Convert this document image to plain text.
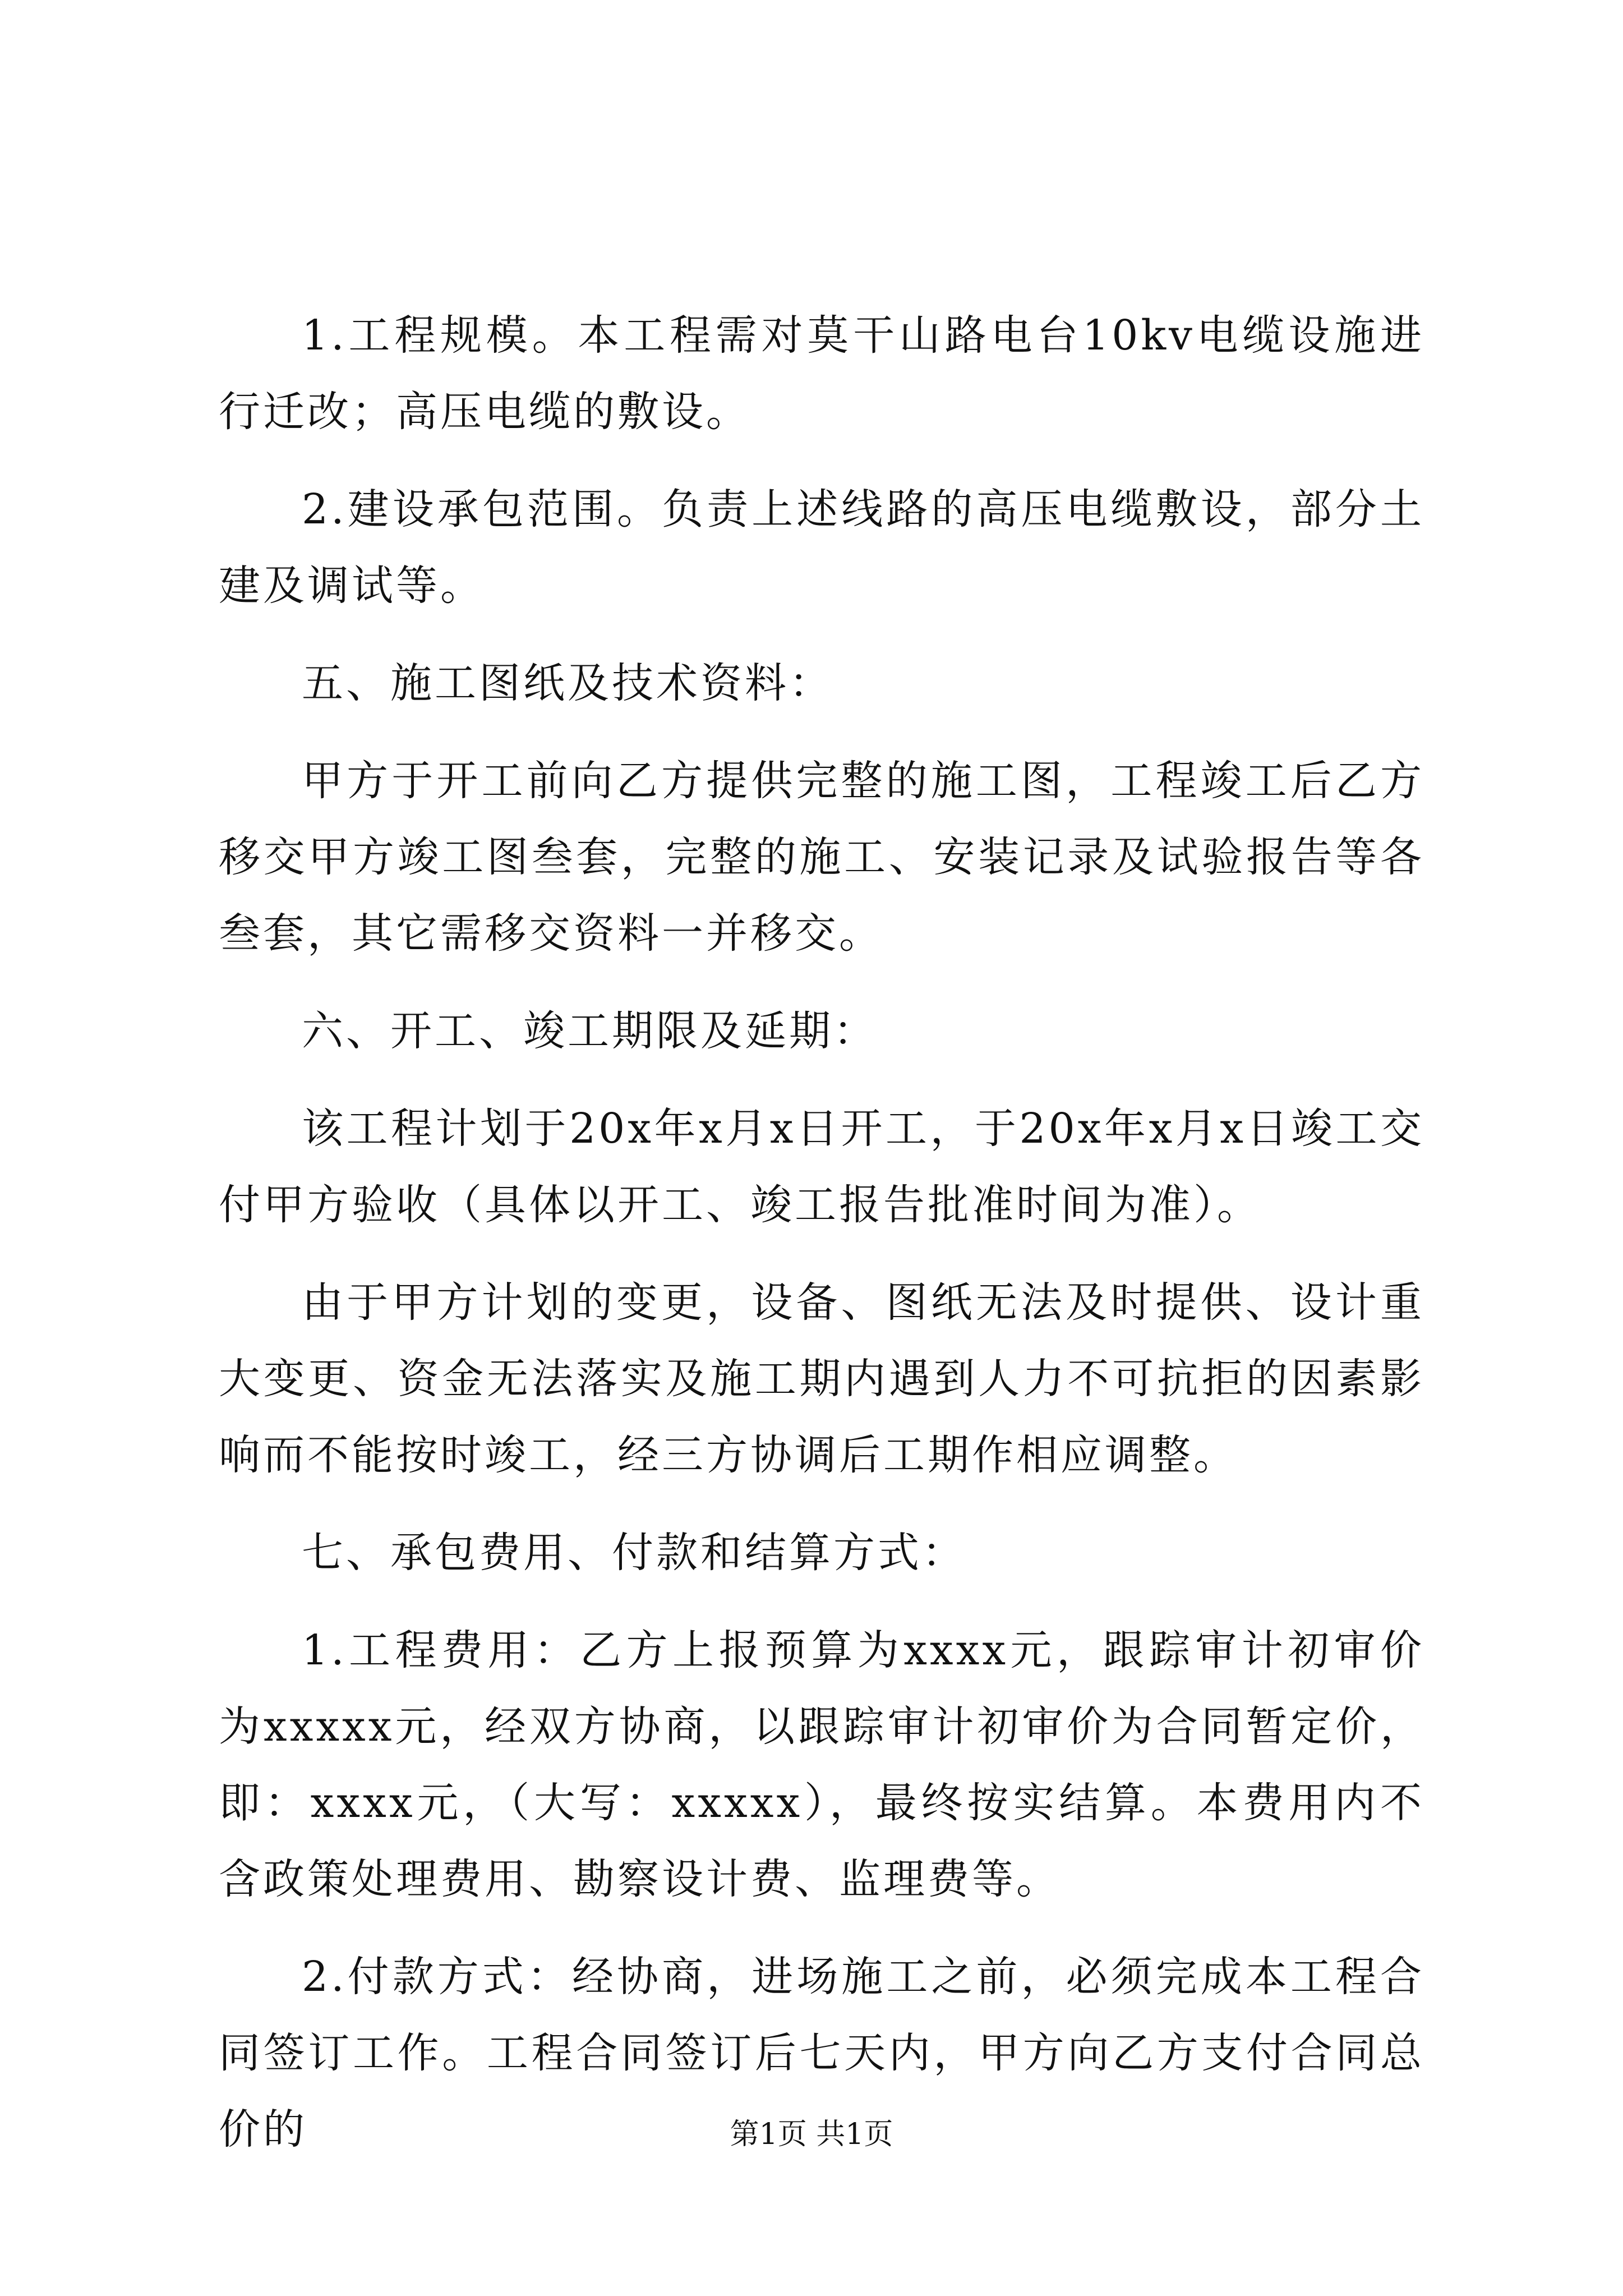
1.工程规模。本工程需对莫干山路电台10kv电缆设施进行迁改；高压电缆的敷设。

2.建设承包范围。负责上述线路的高压电缆敷设，部分土建及调试等。

五、施工图纸及技术资料：

甲方于开工前向乙方提供完整的施工图，工程竣工后乙方移交甲方竣工图叁套，完整的施工、安装记录及试验报告等各叁套，其它需移交资料一并移交。

六、开工、竣工期限及延期：

该工程计划于20x年x月x日开工，于20x年x月x日竣工交付甲方验收（具体以开工、竣工报告批准时间为准）。

由于甲方计划的变更，设备、图纸无法及时提供、设计重大变更、资金无法落实及施工期内遇到人力不可抗拒的因素影响而不能按时竣工，经三方协调后工期作相应调整。

七、承包费用、付款和结算方式：

1.工程费用：乙方上报预算为xxxx元，跟踪审计初审价为xxxxx元，经双方协商，以跟踪审计初审价为合同暂定价，即：xxxx元，（大写：xxxxx），最终按实结算。本费用内不含政策处理费用、勘察设计费、监理费等。

2.付款方式：经协商，进场施工之前，必须完成本工程合同签订工作。工程合同签订后七天内，甲方向乙方支付合同总价的	第1页 共1页
